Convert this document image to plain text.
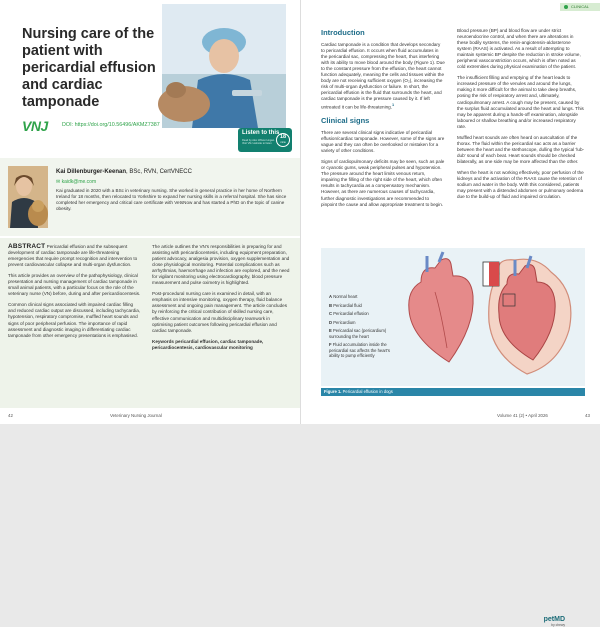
Nursing care of the patient with pericardial effusion and cardiac tamponade
VNJ	DOI: https://doi.org/10.56496/AKMZ7387
Listen to this
Read by Alex Wilson Hogan. Visit VNJ website to listen
18
mins
Kai Dillenburger-Keenan, BSc, RVN, CertVNECC
✉ kaidk@me.com
Kai graduated in 2020 with a BSc in veterinary nursing. She worked in general practice in her home of Northern Ireland for 18 months, then relocated to Yorkshire to expand her nursing skills in a referral hospital. She has since completed her emergency and critical care certificate with VetsNow and has started a PhD on the topic of canine obesity.

ABSTRACT Pericardial effusion and the subsequent development of cardiac tamponade are life-threatening emergencies that require prompt recognition and intervention to prevent cardiovascular collapse and multi-organ dysfunction.

This article provides an overview of the pathophysiology, clinical presentation and nursing management of cardiac tamponade in small animal patients, with a particular focus on the role of the veterinary nurse (VN) before, during and after pericardiocentesis.

Common clinical signs associated with impaired cardiac filling and reduced cardiac output are discussed, including tachycardia, hypotension, respiratory compromise, muffled heart sounds and signs of poor peripheral perfusion. The importance of rapid assessment and diagnostic imaging in differentiating cardiac tamponade from other emergency presentations is emphasised.

The article outlines the VN's responsibilities in preparing for and assisting with pericardiocentesis, including equipment preparation, patient advocacy, analgesia provision, oxygen supplementation and close physiological monitoring. Potential complications such as arrhythmias, haemorrhage and infection are explored, and the need for vigilant monitoring using electrocardiography, blood pressure measurement and pulse oximetry is highlighted.

Post-procedural nursing care is examined in detail, with an emphasis on intensive monitoring, oxygen therapy, fluid balance assessment and ongoing pain management. The article concludes by reinforcing the critical contribution of skilled nursing care, effective communication and multidisciplinary teamwork in optimising patient outcomes following pericardial effusion and cardiac tamponade.

Keywords pericardial effusion, cardiac tamponade, pericardiocentesis, cardiovascular monitoring

42	Veterinary Nursing Journal
CLINICAL
Introduction

Cardiac tamponade is a condition that develops secondary to pericardial effusion. It occurs when fluid accumulates in the pericardial sac, compressing the heart, thus interfering with its ability to move blood around the body (Figure 1). Due to the constant pressure from the effusion, the heart cannot function adequately, meaning the cells and tissues within the body are not receiving sufficient oxygen (O₂), increasing the risk of multi-organ dysfunction or failure. In short, the pericardial effusion is the fluid that surrounds the heart, and cardiac tamponade is the pressure caused by it. If left untreated it can be life-threatening.$^1$

Clinical signs

There are several clinical signs indicative of pericardial effusion/cardiac tamponade. However, some of the signs are vague and they can often be overlooked or mistaken for a variety of other conditions.

Signs of cardiopulmonary deficits may be seen, such as pale or cyanotic gums, weak peripheral pulses and hypotension. The pressure around the heart limits venous return, impairing the filling of the right side of the heart, which often results in tachycardia as a compensatory mechanism. However, as there are numerous causes of tachycardia, further diagnostic investigations are recommended to pinpoint the cause and allow appropriate treatment to begin.

Blood pressure (BP) and blood flow are under strict neuroendocrine control, and when there are alterations in these bodily systems, the renin-angiotensin-aldosterone system (RAAS) is activated. As a result of attempting to maintain systemic BP despite the reduction in stroke volume, peripheral vasoconstriction occurs, which is often noted as cold extremities during physical examination of the patient.

The insufficient filling and emptying of the heart leads to increased pressure of the venules and around the lungs, making it more difficult for the animal to take deep breaths, posing the risk of respiratory arrest and, ultimately, cardiopulmonary arrest. A cough may be present, caused by the surplus fluid accumulated around the heart and lungs. This may be apparent during a hands-off examination, alongside laboured or shallow breathing and/or increased respiratory rate.

Muffled heart sounds are often heard on auscultation of the thorax. The fluid within the pericardial sac acts as a barrier between the heart and the stethoscope, dulling the typical 'lub-dub' sound of each beat. Heart sounds should be checked bilaterally, as one side may be more affected than the other.

When the heart is not working effectively, poor perfusion of the kidneys and the activation of the RAAS cause the retention of sodium and water in the body. With this considered, patients may present with a distended abdomen or pulmonary oedema due to the build-up of fluid and impaired circulation.

A Normal heart
B Pericardial fluid
C Pericardial effusion
D Pericardium
E Pericardial sac (pericardium) surrounding the heart
F Fluid accumulation inside the pericardial sac affects the heart's ability to pump efficiently
petMD
by chewy
Figure 1. Pericardial effusion in dogs
Volume 41 (2) • April 2026	43
